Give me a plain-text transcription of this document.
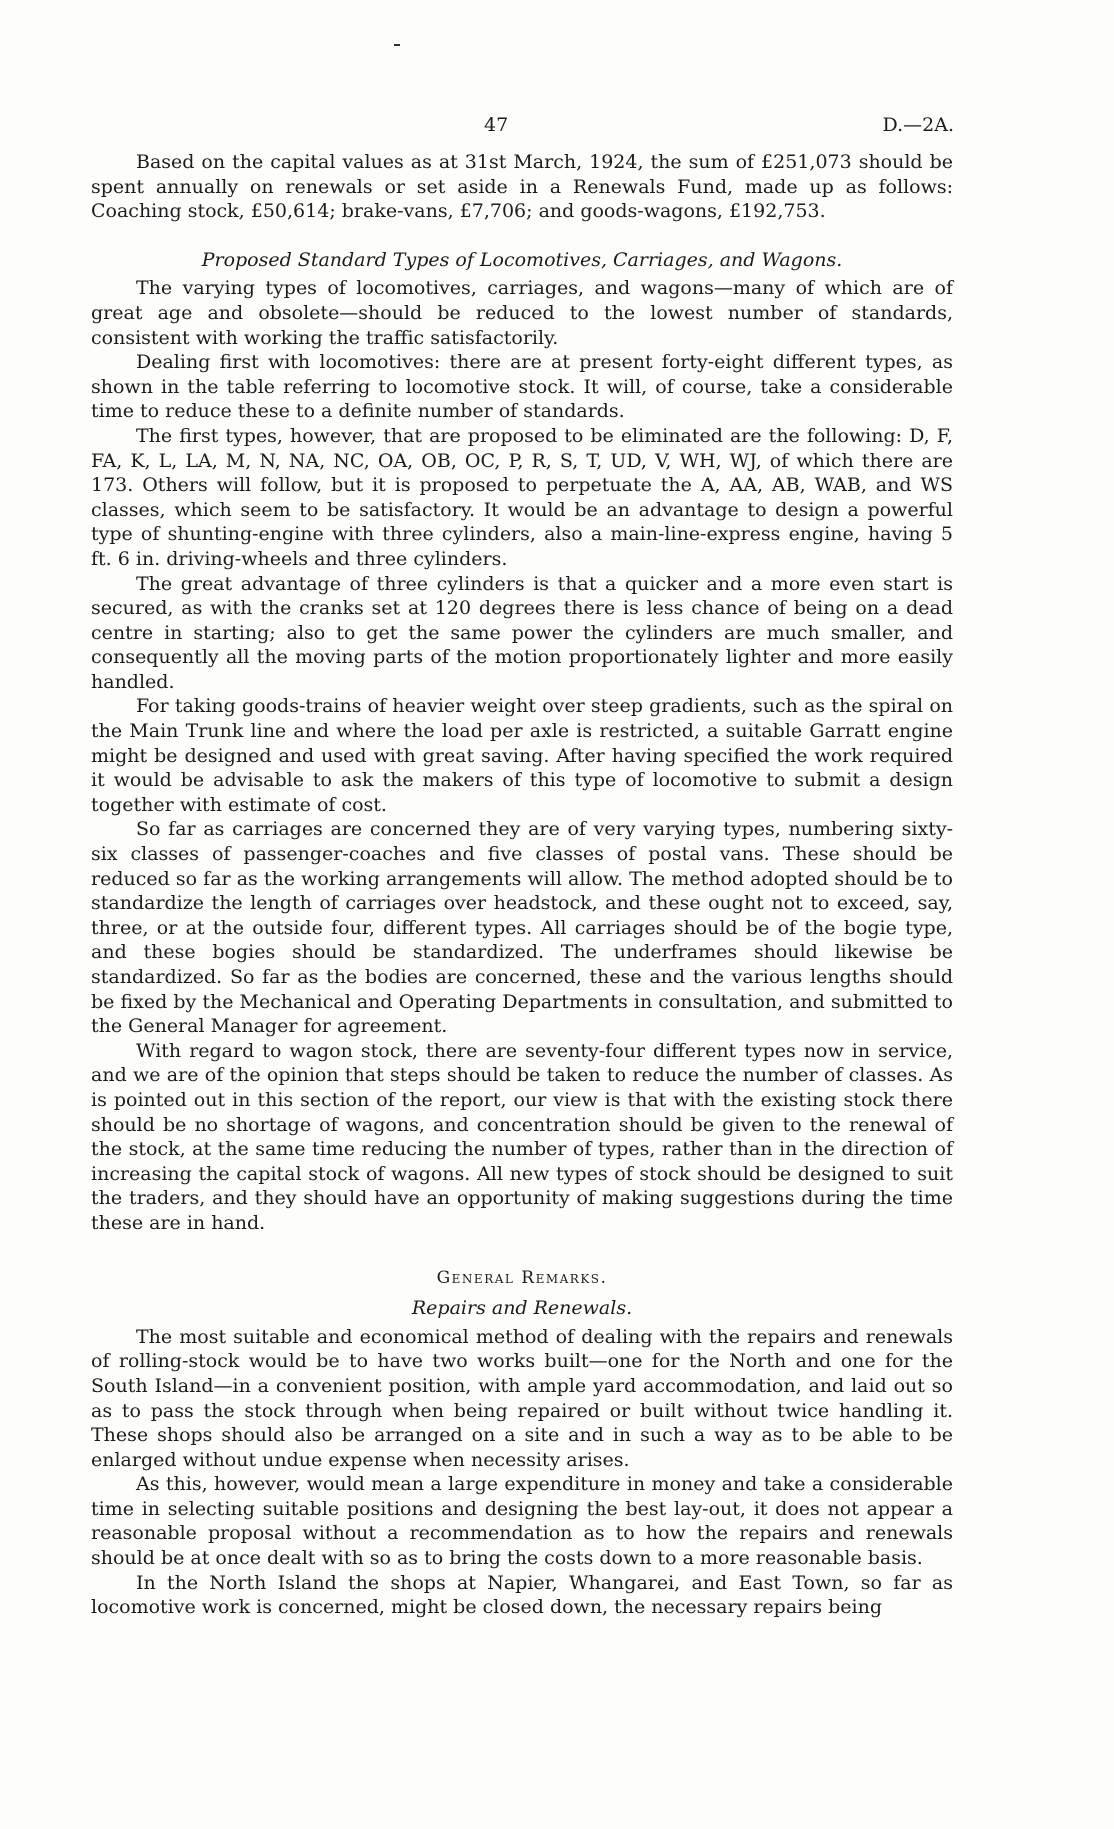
47	D.—2A.

Based on the capital values as at 31st March, 1924, the sum of £251,073 should be spent annually on renewals or set aside in a Renewals Fund, made up as follows: Coaching stock, £50,614; brake-vans, £7,706; and goods-wagons, £192,753.

Proposed Standard Types of Locomotives, Carriages, and Wagons.

The varying types of locomotives, carriages, and wagons—many of which are of great age and obsolete—should be reduced to the lowest number of standards, consistent with working the traffic satisfactorily.

Dealing first with locomotives: there are at present forty-eight different types, as shown in the table referring to locomotive stock. It will, of course, take a considerable time to reduce these to a definite number of standards.

The first types, however, that are proposed to be eliminated are the following: D, F, FA, K, L, LA, M, N, NA, NC, OA, OB, OC, P, R, S, T, UD, V, WH, WJ, of which there are 173. Others will follow, but it is proposed to perpetuate the A, AA, AB, WAB, and WS classes, which seem to be satisfactory. It would be an advantage to design a powerful type of shunting-engine with three cylinders, also a main-line-express engine, having 5 ft. 6 in. driving-wheels and three cylinders.

The great advantage of three cylinders is that a quicker and a more even start is secured, as with the cranks set at 120 degrees there is less chance of being on a dead centre in starting; also to get the same power the cylinders are much smaller, and consequently all the moving parts of the motion proportionately lighter and more easily handled.

For taking goods-trains of heavier weight over steep gradients, such as the spiral on the Main Trunk line and where the load per axle is restricted, a suitable Garratt engine might be designed and used with great saving. After having specified the work required it would be advisable to ask the makers of this type of locomotive to submit a design together with estimate of cost.

So far as carriages are concerned they are of very varying types, numbering sixty-six classes of passenger-coaches and five classes of postal vans. These should be reduced so far as the working arrangements will allow. The method adopted should be to standardize the length of carriages over headstock, and these ought not to exceed, say, three, or at the outside four, different types. All carriages should be of the bogie type, and these bogies should be standardized. The underframes should likewise be standardized. So far as the bodies are concerned, these and the various lengths should be fixed by the Mechanical and Operating Departments in consultation, and submitted to the General Manager for agreement.

With regard to wagon stock, there are seventy-four different types now in service, and we are of the opinion that steps should be taken to reduce the number of classes. As is pointed out in this section of the report, our view is that with the existing stock there should be no shortage of wagons, and concentration should be given to the renewal of the stock, at the same time reducing the number of types, rather than in the direction of increasing the capital stock of wagons. All new types of stock should be designed to suit the traders, and they should have an opportunity of making suggestions during the time these are in hand.

General Remarks.
Repairs and Renewals.

The most suitable and economical method of dealing with the repairs and renewals of rolling-stock would be to have two works built—one for the North and one for the South Island—in a convenient position, with ample yard accommodation, and laid out so as to pass the stock through when being repaired or built without twice handling it. These shops should also be arranged on a site and in such a way as to be able to be enlarged without undue expense when necessity arises.

As this, however, would mean a large expenditure in money and take a considerable time in selecting suitable positions and designing the best lay-out, it does not appear a reasonable proposal without a recommendation as to how the repairs and renewals should be at once dealt with so as to bring the costs down to a more reasonable basis.

In the North Island the shops at Napier, Whangarei, and East Town, so far as locomotive work is concerned, might be closed down, the necessary repairs being
